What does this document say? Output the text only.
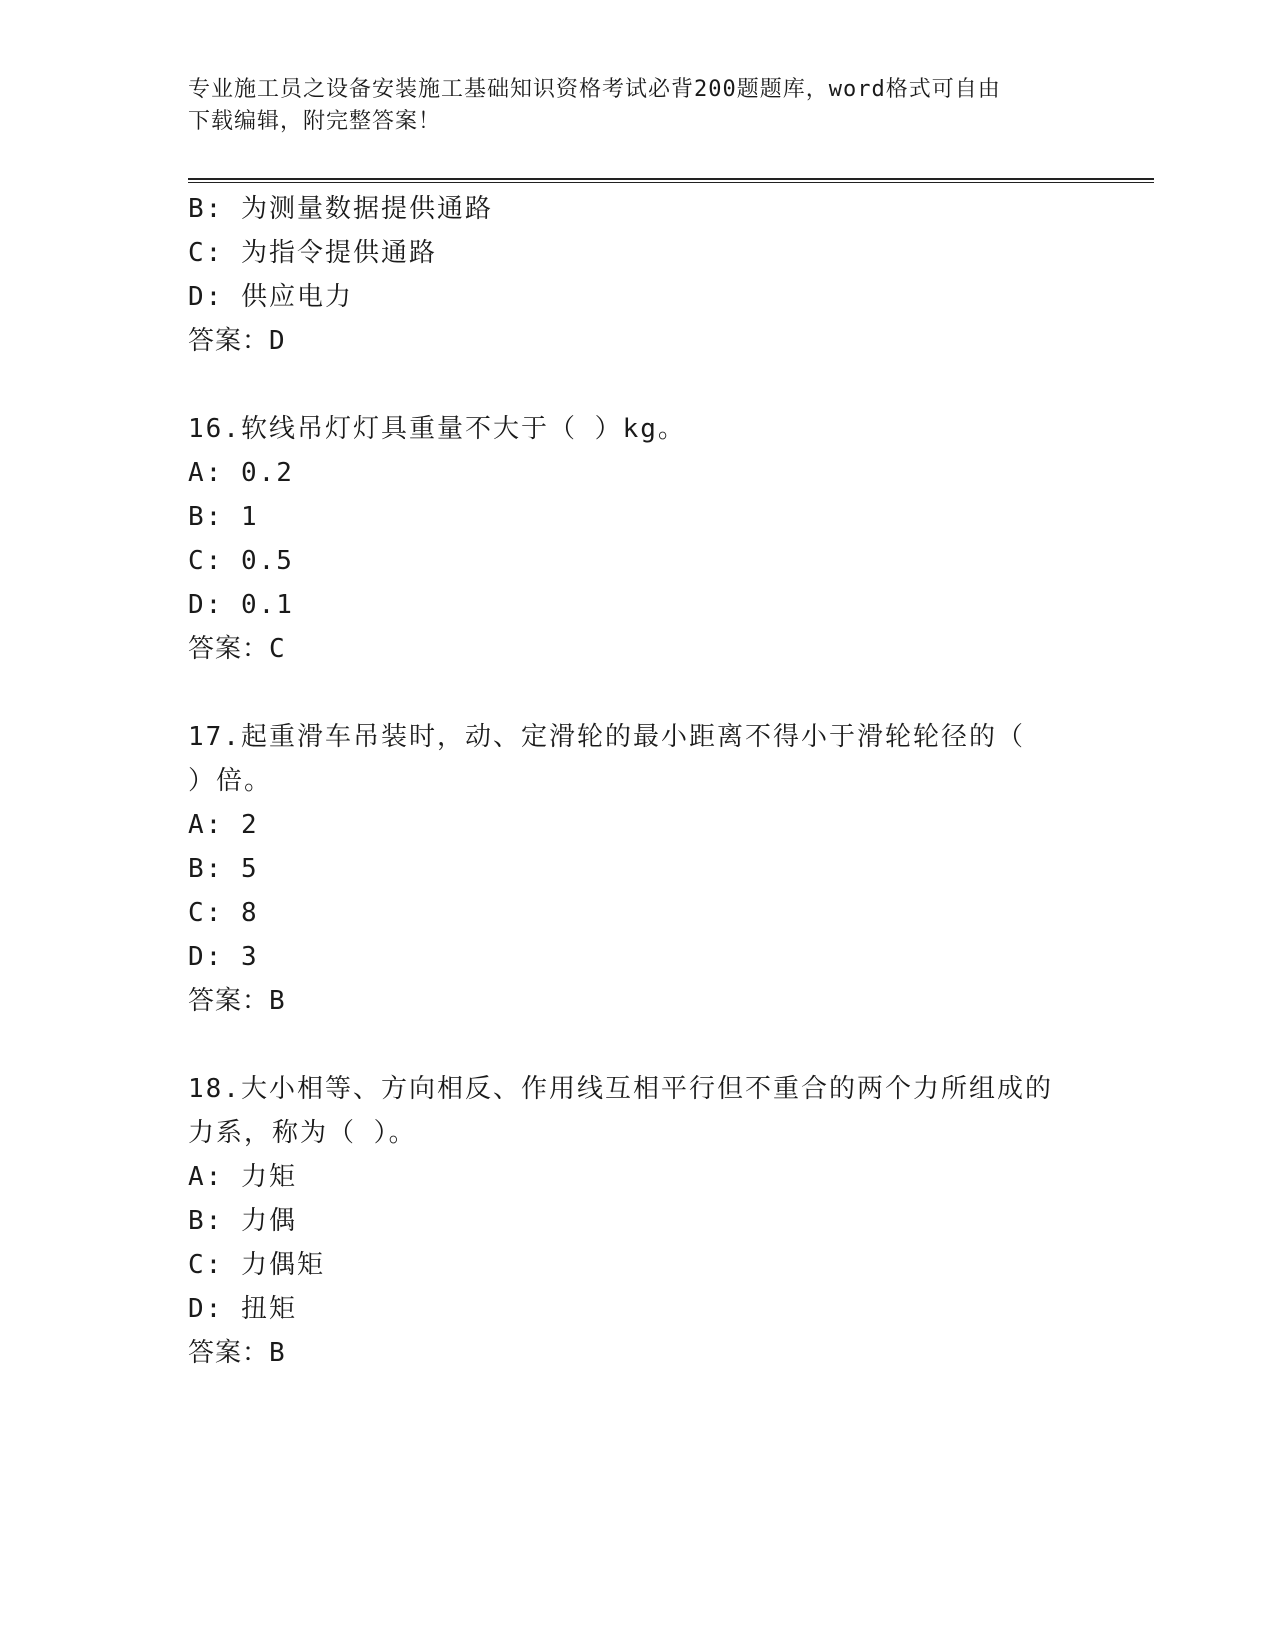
专业施工员之设备安装施工基础知识资格考试必背200题题库，word格式可自由
下载编辑，附完整答案！
B: 为测量数据提供通路
C: 为指令提供通路
D: 供应电力
答案：D
16.软线吊灯灯具重量不大于（ ）kg。
A: 0.2
B: 1
C: 0.5
D: 0.1
答案：C
17.起重滑车吊装时，动、定滑轮的最小距离不得小于滑轮轮径的（
）倍。
A: 2
B: 5
C: 8
D: 3
答案：B
18.大小相等、方向相反、作用线互相平行但不重合的两个力所组成的
力系，称为（ ）。
A: 力矩
B: 力偶
C: 力偶矩
D: 扭矩
答案：B
